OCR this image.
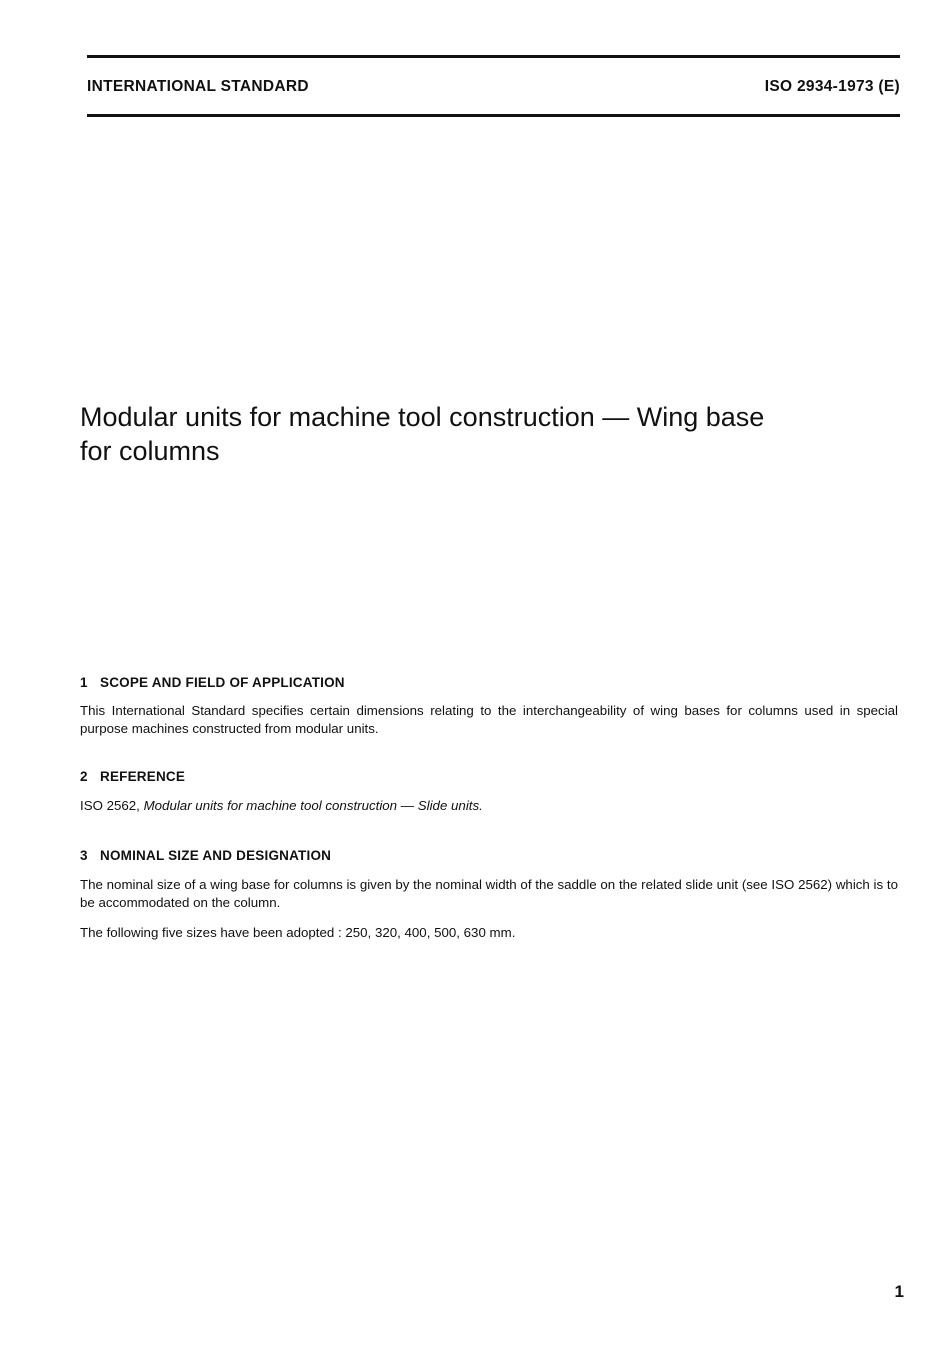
INTERNATIONAL STANDARD	ISO 2934-1973 (E)
Modular units for machine tool construction — Wing base
for columns
1 SCOPE AND FIELD OF APPLICATION

This International Standard specifies certain dimensions relating to the interchangeability of wing bases for columns used in special purpose machines constructed from modular units.

2 REFERENCE

ISO 2562, Modular units for machine tool construction — Slide units.

3 NOMINAL SIZE AND DESIGNATION

The nominal size of a wing base for columns is given by the nominal width of the saddle on the related slide unit (see ISO 2562) which is to be accommodated on the column.

The following five sizes have been adopted : 250, 320, 400, 500, 630 mm.

1
